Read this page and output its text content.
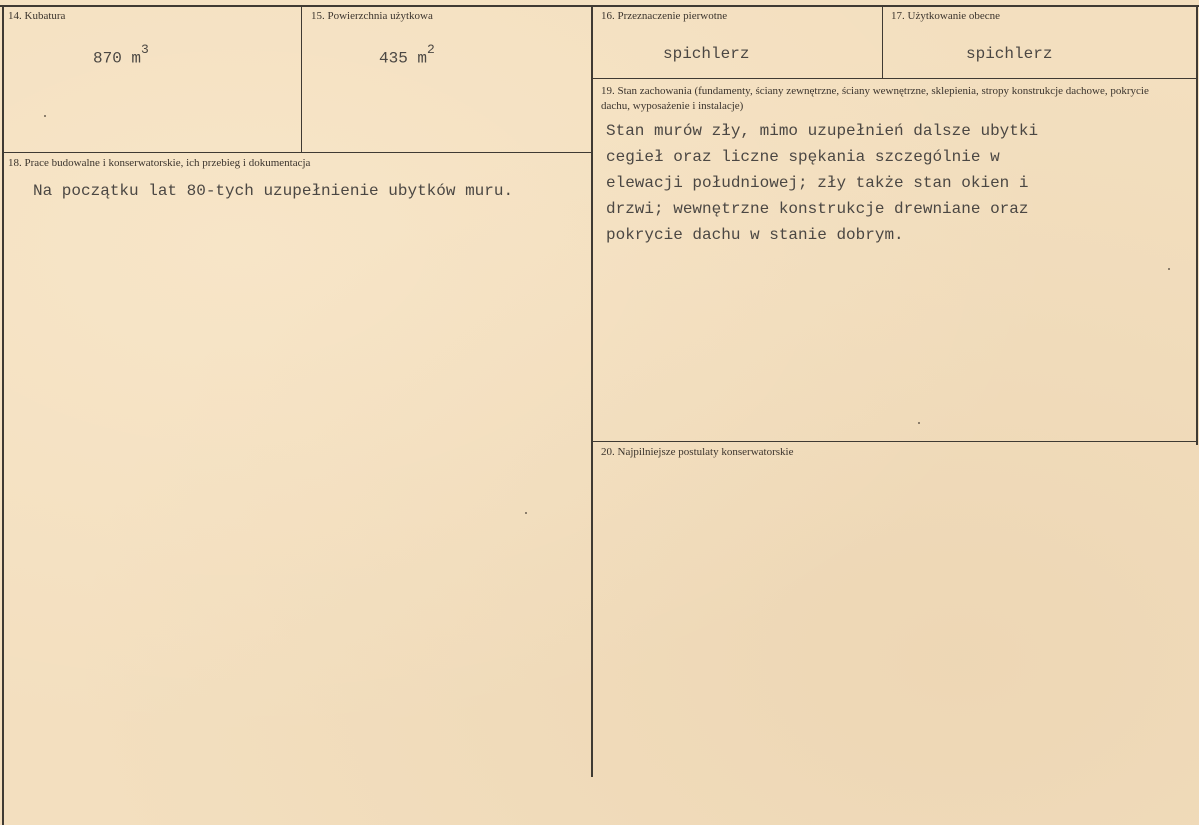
14. Kubatura
870 $m^3$
15. Powierzchnia użytkowa
435 $m^2$
16. Przeznaczenie pierwotne
spichlerz
17. Użytkowanie obecne
spichlerz
18. Prace budowalne i konserwatorskie, ich przebieg i dokumentacja
Na początku lat 80-tych uzupełnienie ubytków muru.
19. Stan zachowania (fundamenty, ściany zewnętrzne, ściany wewnętrzne, sklepienia, stropy konstrukcje dachowe, pokrycie dachu, wyposażenie i instalacje)
Stan murów zły, mimo uzupełnień dalsze ubytki
cegieł oraz liczne spękania szczególnie w
elewacji południowej; zły także stan okien i
drzwi; wewnętrzne konstrukcje drewniane oraz
pokrycie dachu w stanie dobrym.
20. Najpilniejsze postulaty konserwatorskie
